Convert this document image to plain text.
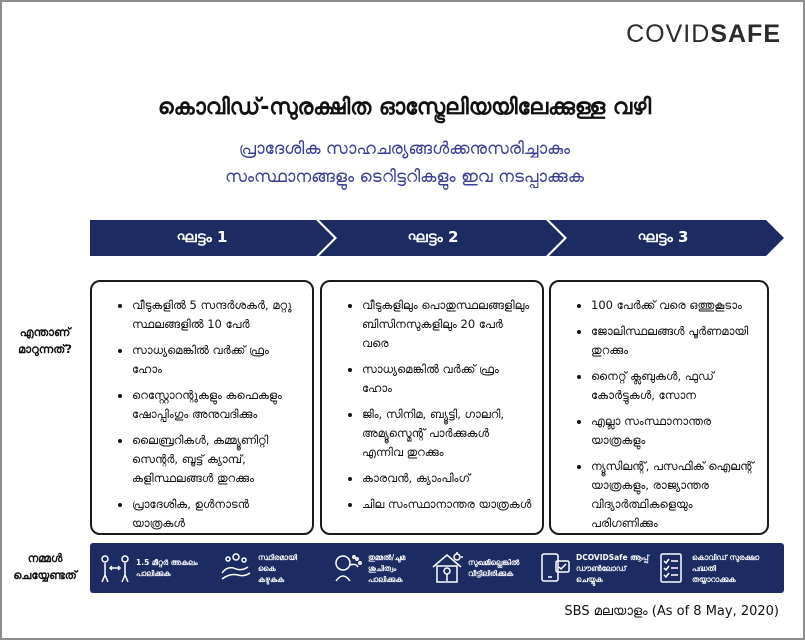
COVIDSAFE
കൊവിഡ്-സുരക്ഷിത ഓസ്ട്രേലിയയിലേക്കുള്ള വഴി
പ്രാദേശിക സാഹചര്യങ്ങൾക്കനുസരിച്ചാകും
സംസ്ഥാനങ്ങളും ടെറിട്ടറികളും ഇവ നടപ്പാക്കുക
ഘട്ടം 1	ഘട്ടം 2	ഘട്ടം 3
എന്താണ്
മാറുന്നത്?
• വീടുകളിൽ 5 സന്ദർശകർ, മറ്റു സ്ഥലങ്ങളിൽ 10 പേർ
• സാധ്യമെങ്കിൽ വർക്ക് ഫ്രം ഹോം
• റെസ്റ്റോറന്റുകളും കഫെകളും ഷോപ്പിംഗും അനുവദിക്കും
• ലൈബ്രറികൾ, കമ്മ്യൂണിറ്റി സെന്റർ, ബൂട്ട് ക്യാമ്പ്, കളിസ്ഥലങ്ങൾ തുറക്കും
• പ്രാദേശിക, ഉൾനാടൻ യാത്രകൾ
• വീടുകളിലും പൊതുസ്ഥലങ്ങളിലും ബിസിനസുകളിലും 20 പേർ വരെ
• സാധ്യമെങ്കിൽ വർക്ക് ഫ്രം ഹോം
• ജിം, സിനിമ, ബ്യൂട്ടി, ഗാലറി, അമ്യൂസ്മെന്റ് പാർക്കുകൾ എന്നിവ തുറക്കും
• കാരവൻ, ക്യാംപിംഗ്
• ചില സംസ്ഥാനാന്തര യാത്രകൾ
• 100 പേർക്ക് വരെ ഒത്തുകൂടാം
• ജോലിസ്ഥലങ്ങൾ പൂർണമായി തുറക്കും
• നൈറ്റ് ക്ലബുകൾ, ഫുഡ് കോർട്ടുകൾ, സോന
• എല്ലാ സംസ്ഥാനാന്തര യാത്രകളും
• ന്യൂസിലന്റ്, പസഫിക് ഐലന്റ് യാത്രകളും, രാജ്യാന്തര വിദ്യാർത്ഥികളെയും പരിഗണിക്കും
നമ്മൾ
ചെയ്യേണ്ടത്
1.5 മീറ്റർ അകലം
പാലിക്കുക
സ്ഥിരമായി
കൈ
കഴുകുക
തുമ്മൽ/ചുമ
ശുചിത്വം
പാലിക്കുക
സുഖമില്ലെങ്കിൽ
വീട്ടിലിരിക്കുക
DCOVIDSafe ആപ്പ്
ഡൗൺലോഡ്
ചെയ്യുക
കൊവിഡ് സുരക്ഷാ
പദ്ധതി
തയ്യാറാക്കുക
SBS മലയാളം (As of 8 May, 2020)
